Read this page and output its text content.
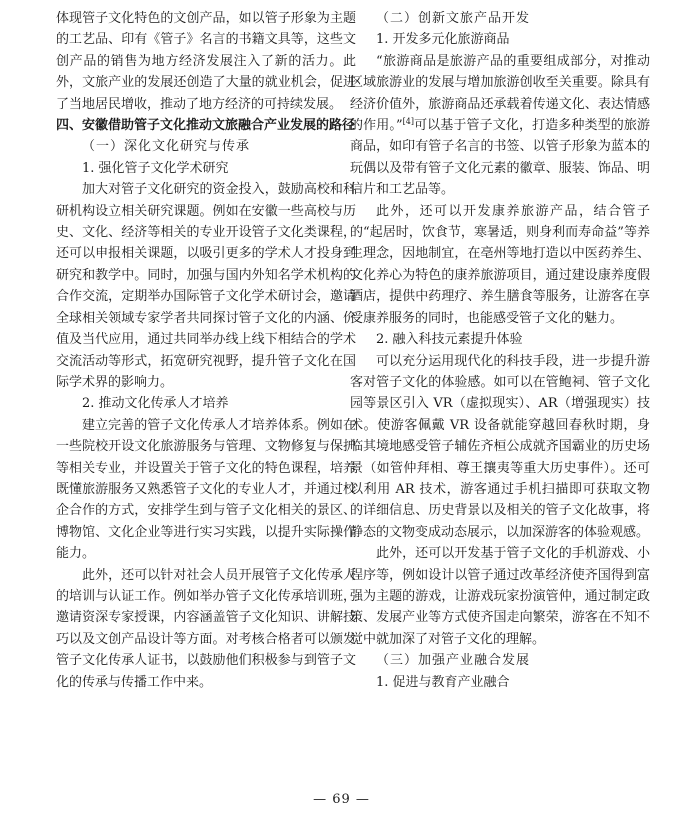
体现管子文化特色的文创产品，如以管子形象为主题的工艺品、印有《管子》名言的书籍文具等，这些文创产品的销售为地方经济发展注入了新的活力。此外，文旅产业的发展还创造了大量的就业机会，促进了当地居民增收，推动了地方经济的可持续发展。

四、安徽借助管子文化推动文旅融合产业发展的路径

（一）深化文化研究与传承

1. 强化管子文化学术研究

加大对管子文化研究的资金投入，鼓励高校和科研机构设立相关研究课题。例如在安徽一些高校与历史、文化、经济等相关的专业开设管子文化类课程，还可以申报相关课题，以吸引更多的学术人才投身到研究和教学中。同时，加强与国内外知名学术机构的合作交流，定期举办国际管子文化学术研讨会，邀请全球相关领域专家学者共同探讨管子文化的内涵、价值及当代应用，通过共同举办线上线下相结合的学术交流活动等形式，拓宽研究视野，提升管子文化在国际学术界的影响力。

2. 推动文化传承人才培养

建立完善的管子文化传承人才培养体系。例如在一些院校开设文化旅游服务与管理、文物修复与保护等相关专业，并设置关于管子文化的特色课程，培养既懂旅游服务又熟悉管子文化的专业人才，并通过校企合作的方式，安排学生到与管子文化相关的景区、博物馆、文化企业等进行实习实践，以提升实际操作能力。

此外，还可以针对社会人员开展管子文化传承人的培训与认证工作。例如举办管子文化传承培训班，邀请资深专家授课，内容涵盖管子文化知识、讲解技巧以及文创产品设计等方面。对考核合格者可以颁发管子文化传承人证书，以鼓励他们积极参与到管子文化的传承与传播工作中来。

（二）创新文旅产品开发

1. 开发多元化旅游商品

“旅游商品是旅游产品的重要组成部分，对推动区域旅游业的发展与增加旅游创收至关重要。除具有经济价值外，旅游商品还承载着传递文化、表达情感的作用。”[4]可以基于管子文化，打造多种类型的旅游商品，如印有管子名言的书签、以管子形象为蓝本的玩偶以及带有管子文化元素的徽章、服装、饰品、明信片和工艺品等。

此外，还可以开发康养旅游产品，结合管子的“起居时，饮食节，寒暑适，则身利而寿命益”等养生理念，因地制宜，在亳州等地打造以中医药养生、文化养心为特色的康养旅游项目，通过建设康养度假酒店，提供中药理疗、养生膳食等服务，让游客在享受康养服务的同时，也能感受管子文化的魅力。

2. 融入科技元素提升体验

可以充分运用现代化的科技手段，进一步提升游客对管子文化的体验感。如可以在管鲍祠、管子文化园等景区引入 VR（虚拟现实）、AR（增强现实）技术。使游客佩戴 VR 设备就能穿越回春秋时期，身临其境地感受管子辅佐齐桓公成就齐国霸业的历史场景（如管仲拜相、尊王攘夷等重大历史事件）。还可以利用 AR 技术，游客通过手机扫描即可获取文物的详细信息、历史背景以及相关的管子文化故事，将静态的文物变成动态展示，以加深游客的体验观感。

此外，还可以开发基于管子文化的手机游戏、小程序等，例如设计以管子通过改革经济使齐国得到富强为主题的游戏，让游戏玩家扮演管仲，通过制定政策、发展产业等方式使齐国走向繁荣，游客在不知不觉中就加深了对管子文化的理解。

（三）加强产业融合发展

1. 促进与教育产业融合

— 69 —
